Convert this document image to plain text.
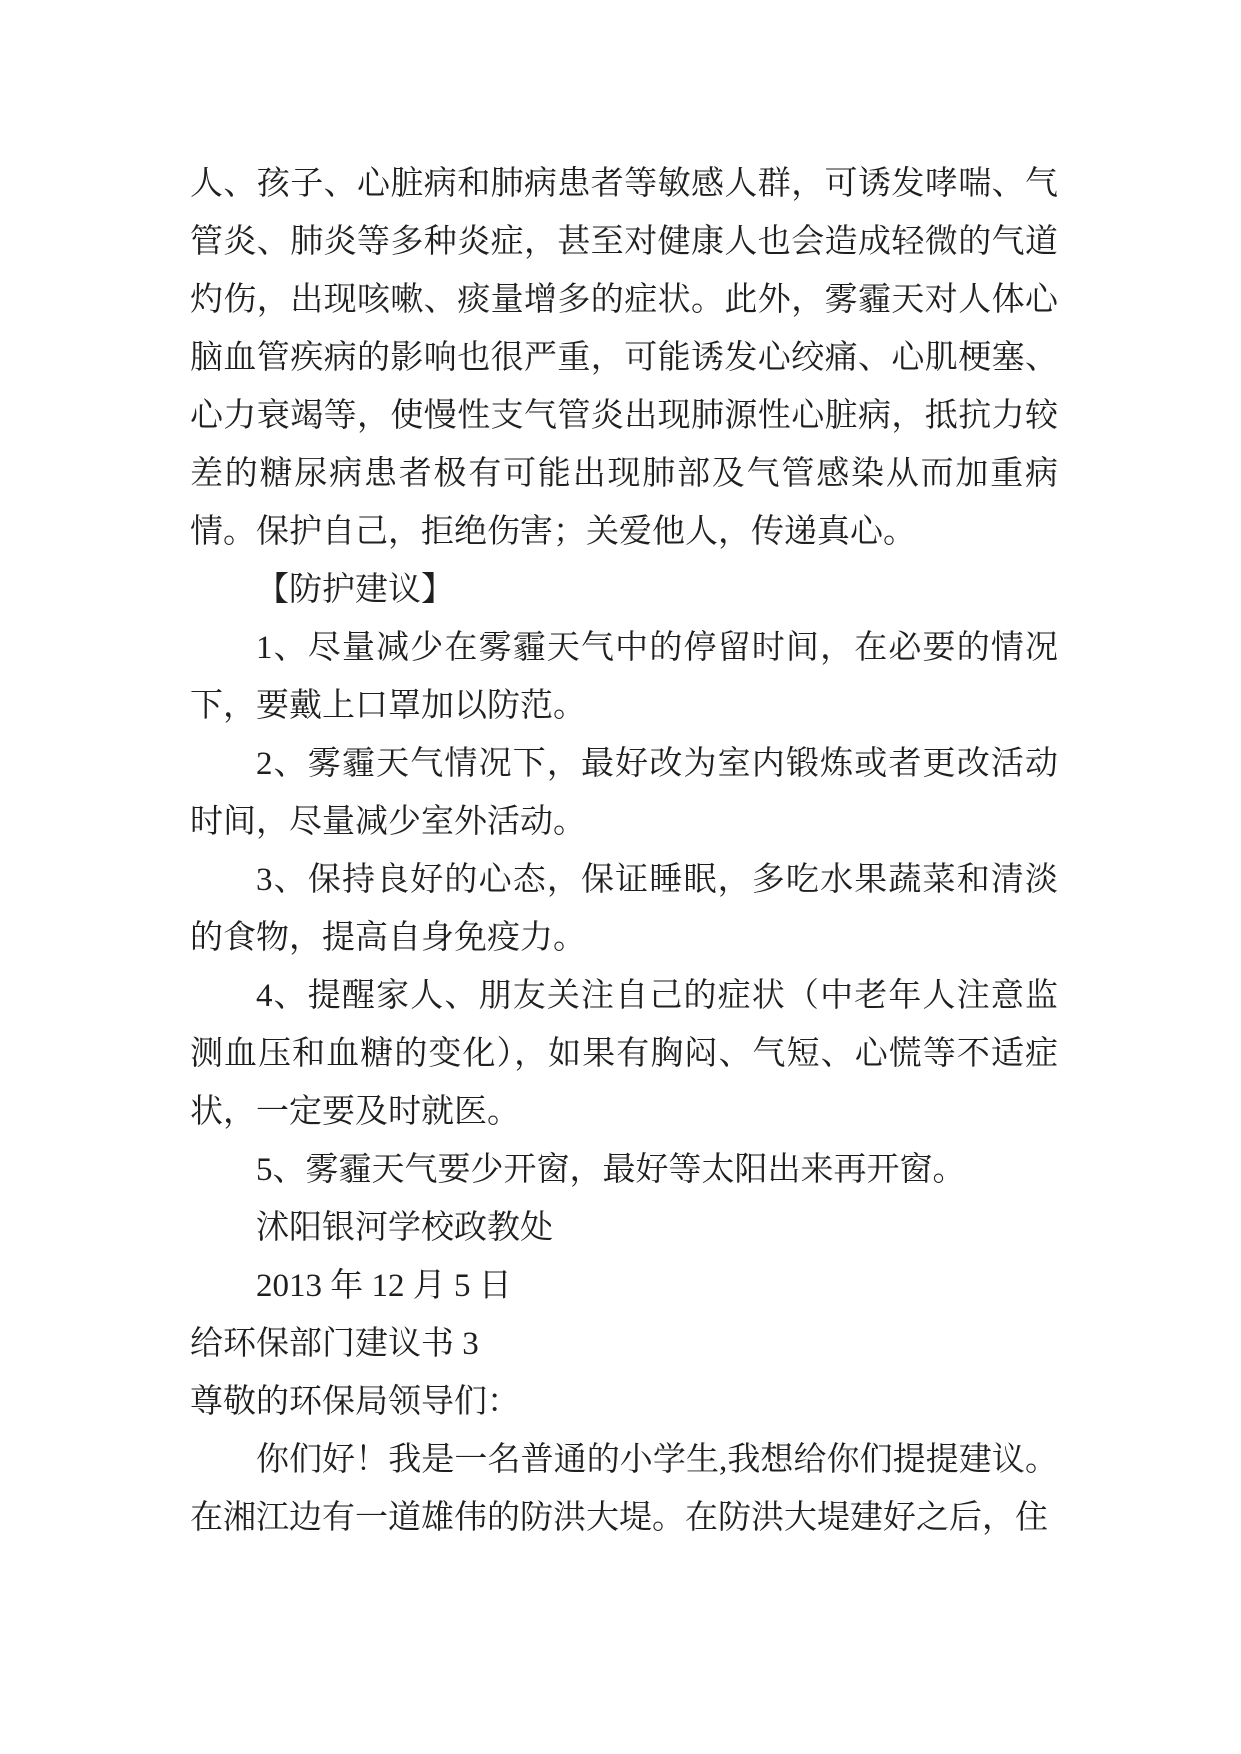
人、孩子、心脏病和肺病患者等敏感人群，可诱发哮喘、气管炎、肺炎等多种炎症，甚至对健康人也会造成轻微的气道灼伤，出现咳嗽、痰量增多的症状。此外，雾霾天对人体心脑血管疾病的影响也很严重，可能诱发心绞痛、心肌梗塞、心力衰竭等，使慢性支气管炎出现肺源性心脏病，抵抗力较差的糖尿病患者极有可能出现肺部及气管感染从而加重病情。保护自己，拒绝伤害；关爱他人，传递真心。

【防护建议】

1、尽量减少在雾霾天气中的停留时间，在必要的情况下，要戴上口罩加以防范。

2、雾霾天气情况下，最好改为室内锻炼或者更改活动时间，尽量减少室外活动。

3、保持良好的心态，保证睡眠，多吃水果蔬菜和清淡的食物，提高自身免疫力。

4、提醒家人、朋友关注自己的症状（中老年人注意监测血压和血糖的变化），如果有胸闷、气短、心慌等不适症状，一定要及时就医。

5、雾霾天气要少开窗，最好等太阳出来再开窗。

沭阳银河学校政教处

2013 年 12 月 5 日

给环保部门建议书 3

尊敬的环保局领导们：

你们好！我是一名普通的小学生,我想给你们提提建议。在湘江边有一道雄伟的防洪大堤。在防洪大堤建好之后，住
